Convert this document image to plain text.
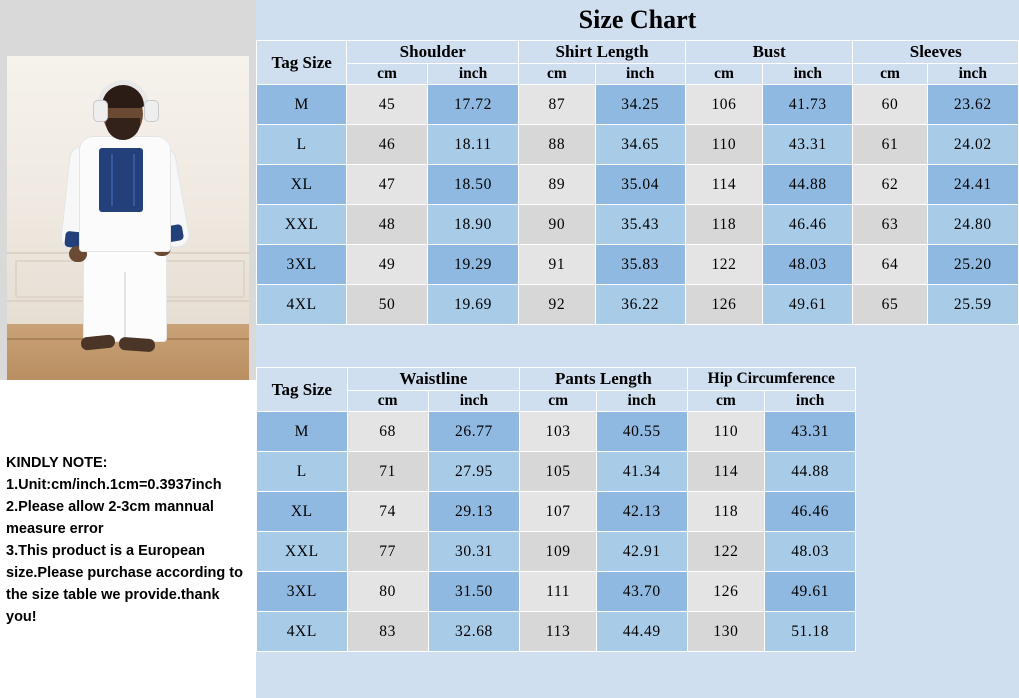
KINDLY NOTE:
1.Unit:cm/inch.1cm=0.3937inch
2.Please allow 2-3cm mannual measure error
3.This product is a European size.Please purchase according to the size table we provide.thank you!
Size Chart
Tag Size	Shoulder		Shirt Length		Bust		Sleeves	
	cm	inch	cm	inch	cm	inch	cm	inch
M	45	17.72	87	34.25	106	41.73	60	23.62
L	46	18.11	88	34.65	110	43.31	61	24.02
XL	47	18.50	89	35.04	114	44.88	62	24.41
XXL	48	18.90	90	35.43	118	46.46	63	24.80
3XL	49	19.29	91	35.83	122	48.03	64	25.20
4XL	50	19.69	92	36.22	126	49.61	65	25.59
Tag Size	Waistline		Pants Length		Hip Circumference	
	cm	inch	cm	inch	cm	inch
M	68	26.77	103	40.55	110	43.31
L	71	27.95	105	41.34	114	44.88
XL	74	29.13	107	42.13	118	46.46
XXL	77	30.31	109	42.91	122	48.03
3XL	80	31.50	111	43.70	126	49.61
4XL	83	32.68	113	44.49	130	51.18
